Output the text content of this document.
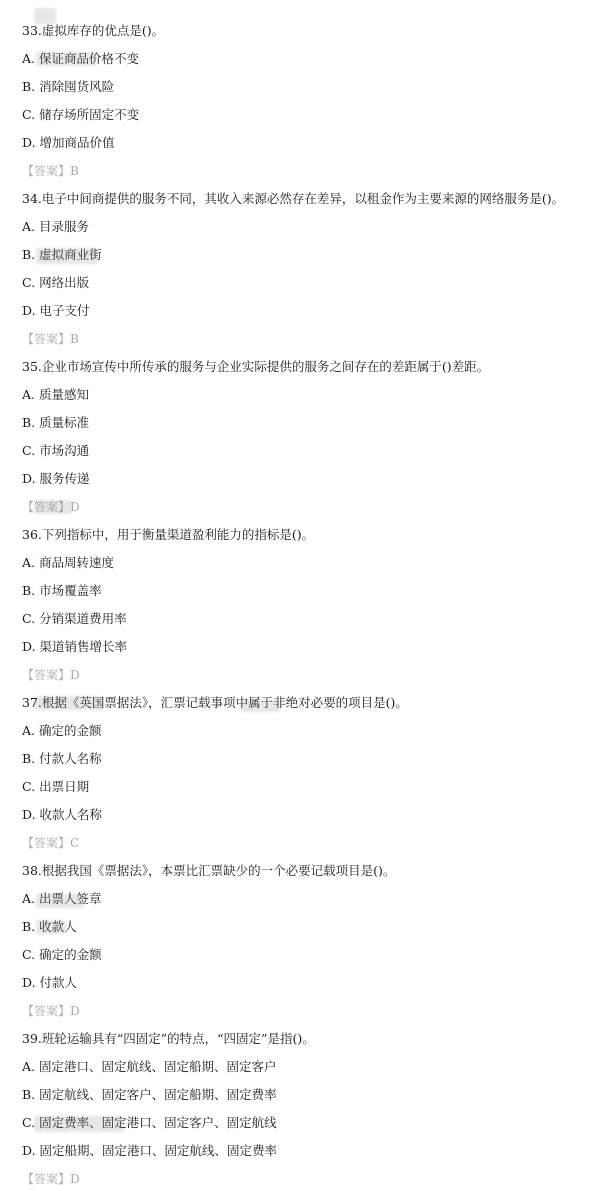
33.虚拟库存的优点是()。
A. 保证商品价格不变
B. 消除囤货风险
C. 储存场所固定不变
D. 增加商品价值
【答案】B
34.电子中间商提供的服务不同，其收入来源必然存在差异，以租金作为主要来源的网络服务是()。
A. 目录服务
B. 虚拟商业街
C. 网络出版
D. 电子支付
【答案】B
35.企业市场宣传中所传承的服务与企业实际提供的服务之间存在的差距属于()差距。
A. 质量感知
B. 质量标准
C. 市场沟通
D. 服务传递
【答案】D
36.下列指标中，用于衡量渠道盈利能力的指标是()。
A. 商品周转速度
B. 市场覆盖率
C. 分销渠道费用率
D. 渠道销售增长率
【答案】D
37.根据《英国票据法》，汇票记载事项中属于非绝对必要的项目是()。
A. 确定的金额
B. 付款人名称
C. 出票日期
D. 收款人名称
【答案】C
38.根据我国《票据法》，本票比汇票缺少的一个必要记载项目是()。
A. 出票人签章
B. 收款人
C. 确定的金额
D. 付款人
【答案】D
39.班轮运输具有“四固定”的特点，“四固定”是指()。
A. 固定港口、固定航线、固定船期、固定客户
B. 固定航线、固定客户、固定船期、固定费率
C. 固定费率、固定港口、固定客户、固定航线
D. 固定船期、固定港口、固定航线、固定费率
【答案】D
